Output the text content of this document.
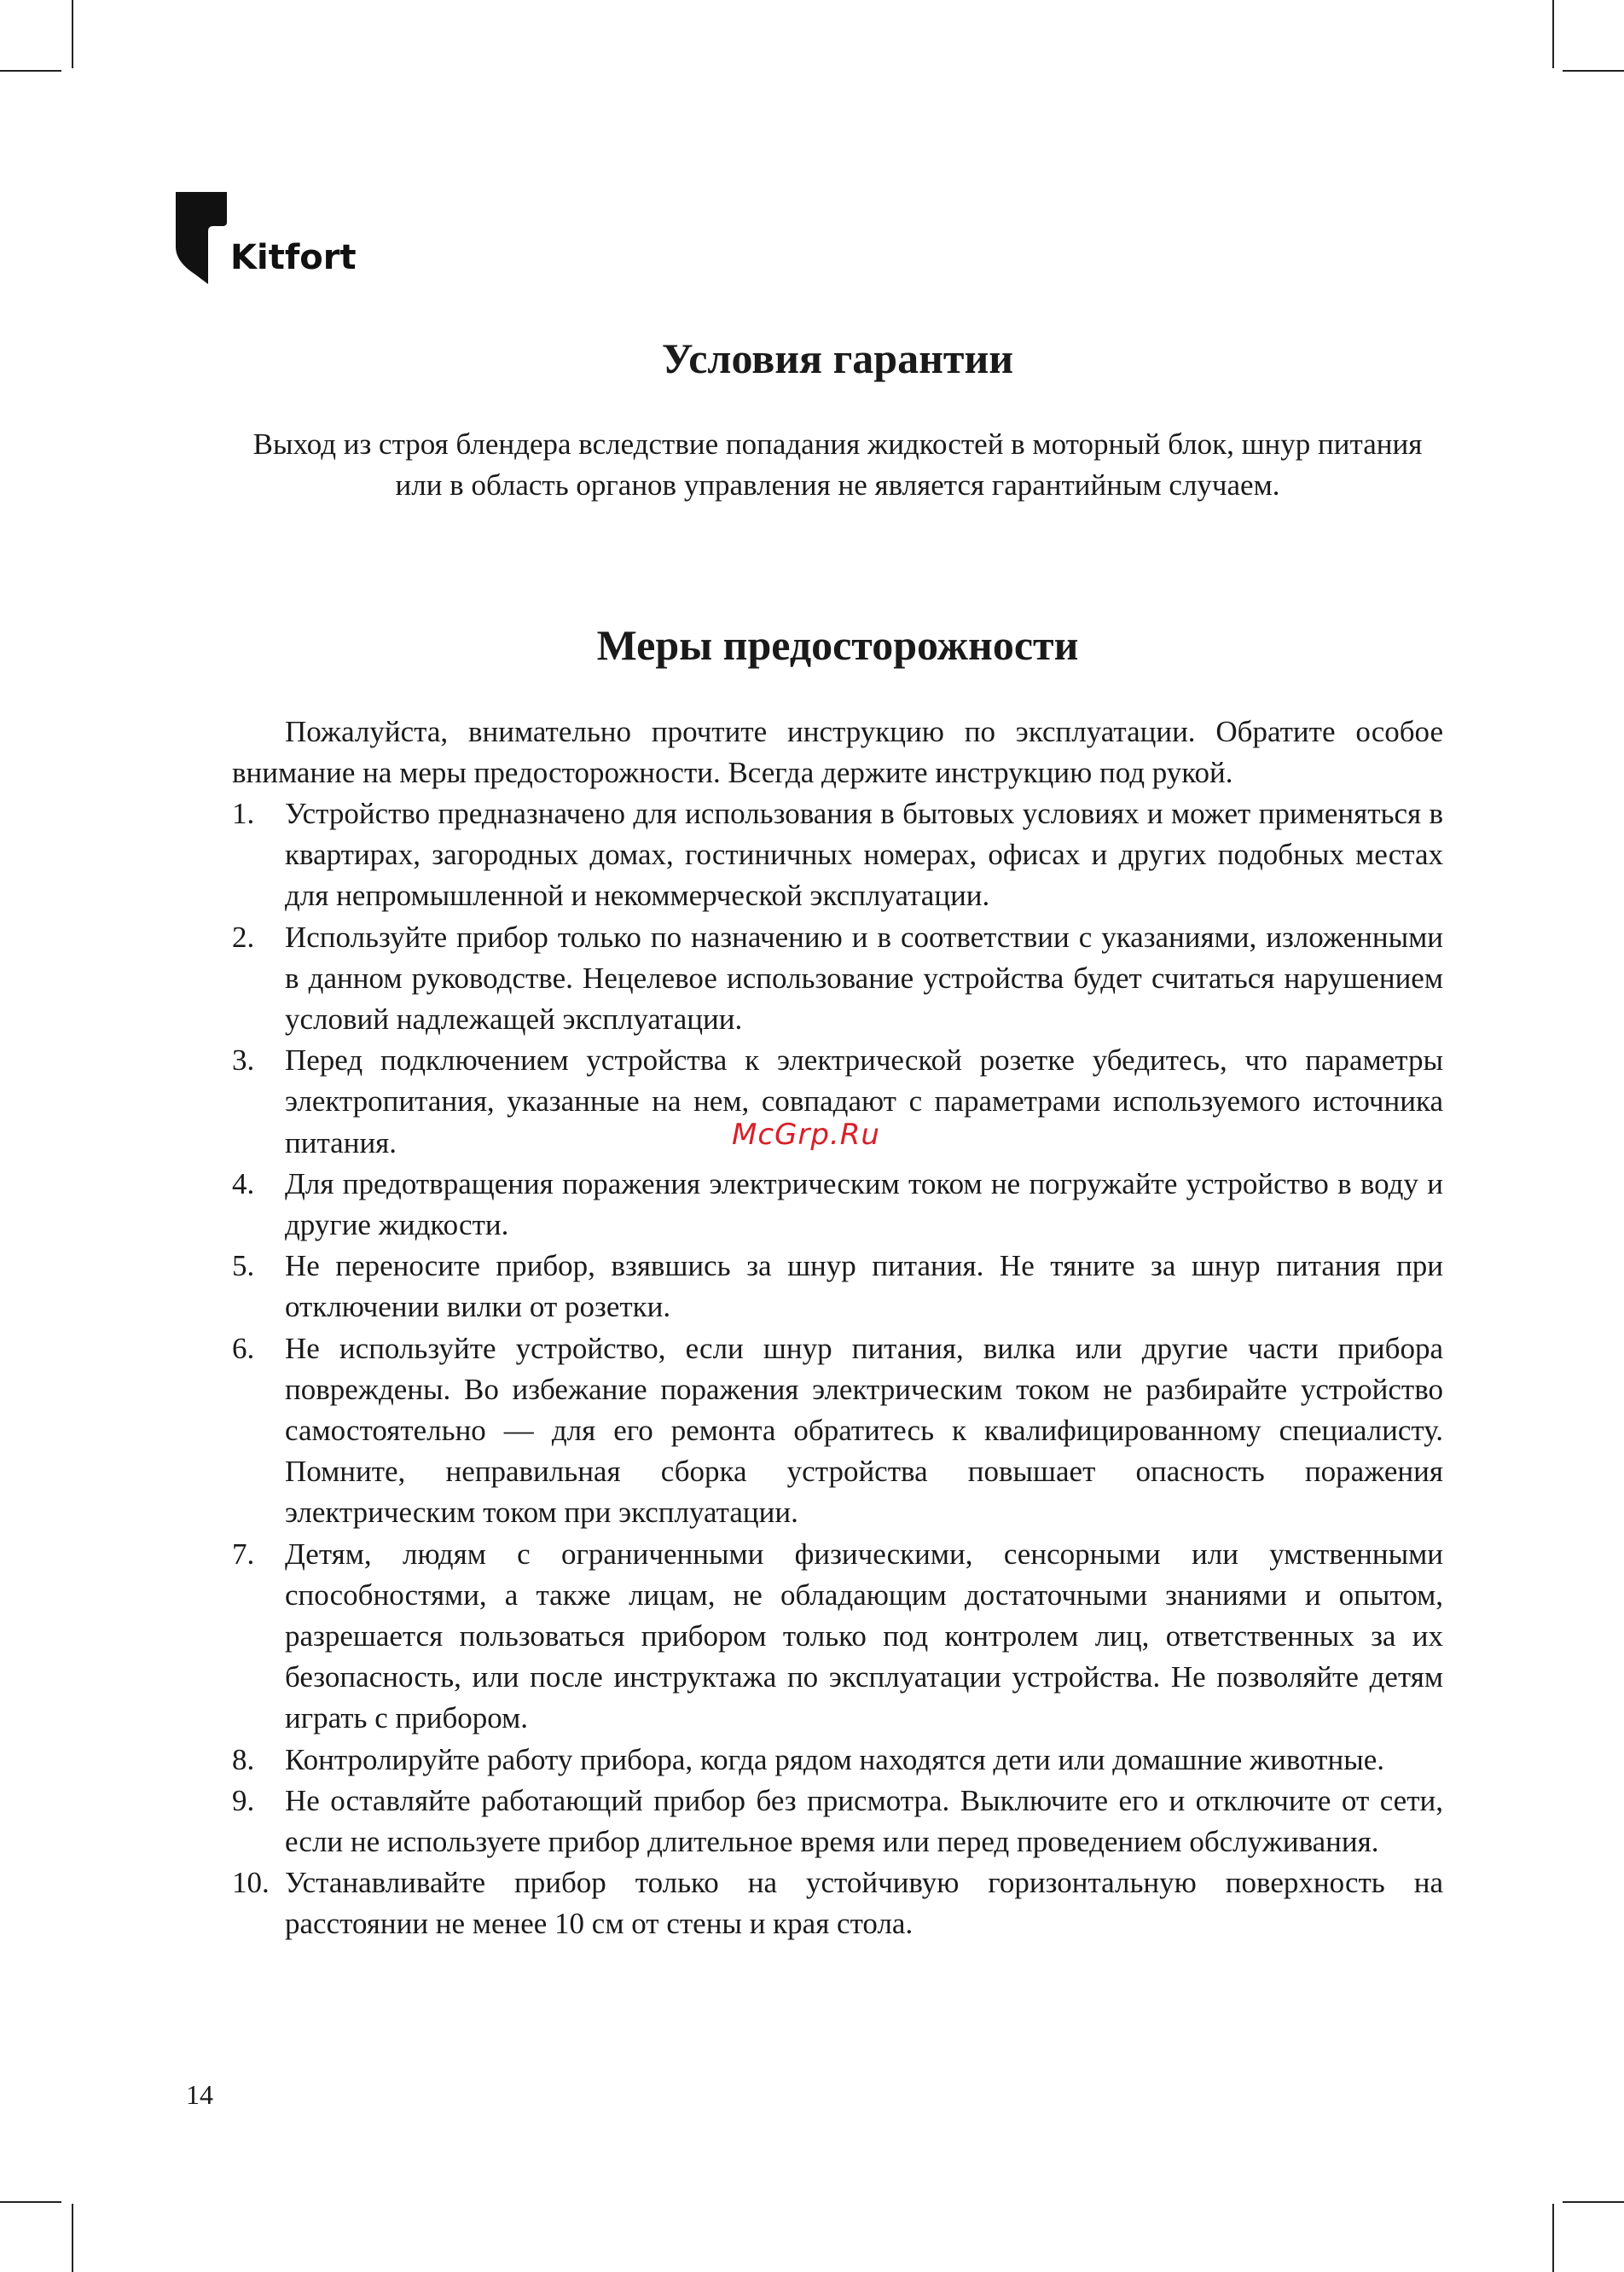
Kitfort
Условия гарантии

Выход из строя блендера вследствие попадания жидкостей в моторный блок, шнур питания или в область органов управления не является гарантийным случаем.

Меры предосторожности

Пожалуйста, внимательно прочтите инструкцию по эксплуатации. Обратите особое внимание на меры предосторожности. Всегда держите инструкцию под рукой.

1.	Устройство предназначено для использования в бытовых условиях и может применяться в квартирах, загородных домах, гостиничных номерах, офисах и других подобных местах для непромышленной и некоммерческой эксплуатации.
2.	Используйте прибор только по назначению и в соответствии с указаниями, изложенными в данном руководстве. Нецелевое использование устройства будет считаться нарушением условий надлежащей эксплуатации.
3.	Перед подключением устройства к электрической розетке убедитесь, что параметры электропитания, указанные на нем, совпадают с параметрами используемого источника питания.
4.	Для предотвращения поражения электрическим током не погружайте устройство в воду и другие жидкости.
5.	Не переносите прибор, взявшись за шнур питания. Не тяните за шнур питания при отключении вилки от розетки.
6.	Не используйте устройство, если шнур питания, вилка или другие части прибора повреждены. Во избежание поражения электрическим током не разбирайте устройство самостоятельно — для его ремонта обратитесь к квалифицированному специалисту. Помните, неправильная сборка устройства повышает опасность поражения электрическим током при эксплуатации.
7.	Детям, людям с ограниченными физическими, сенсорными или умственными способностями, а также лицам, не обладающим достаточными знаниями и опытом, разрешается пользоваться прибором только под контролем лиц, ответственных за их безопасность, или после инструктажа по эксплуатации устройства. Не позволяйте детям играть с прибором.
8.	Контролируйте работу прибора, когда рядом находятся дети или домашние животные.
9.	Не оставляйте работающий прибор без присмотра. Выключите его и отключите от сети, если не используете прибор длительное время или перед проведением обслуживания.
10. Устанавливайте прибор только на устойчивую горизонтальную поверхность на расстоянии не менее 10 см от стены и края стола.
McGrp.Ru
14
